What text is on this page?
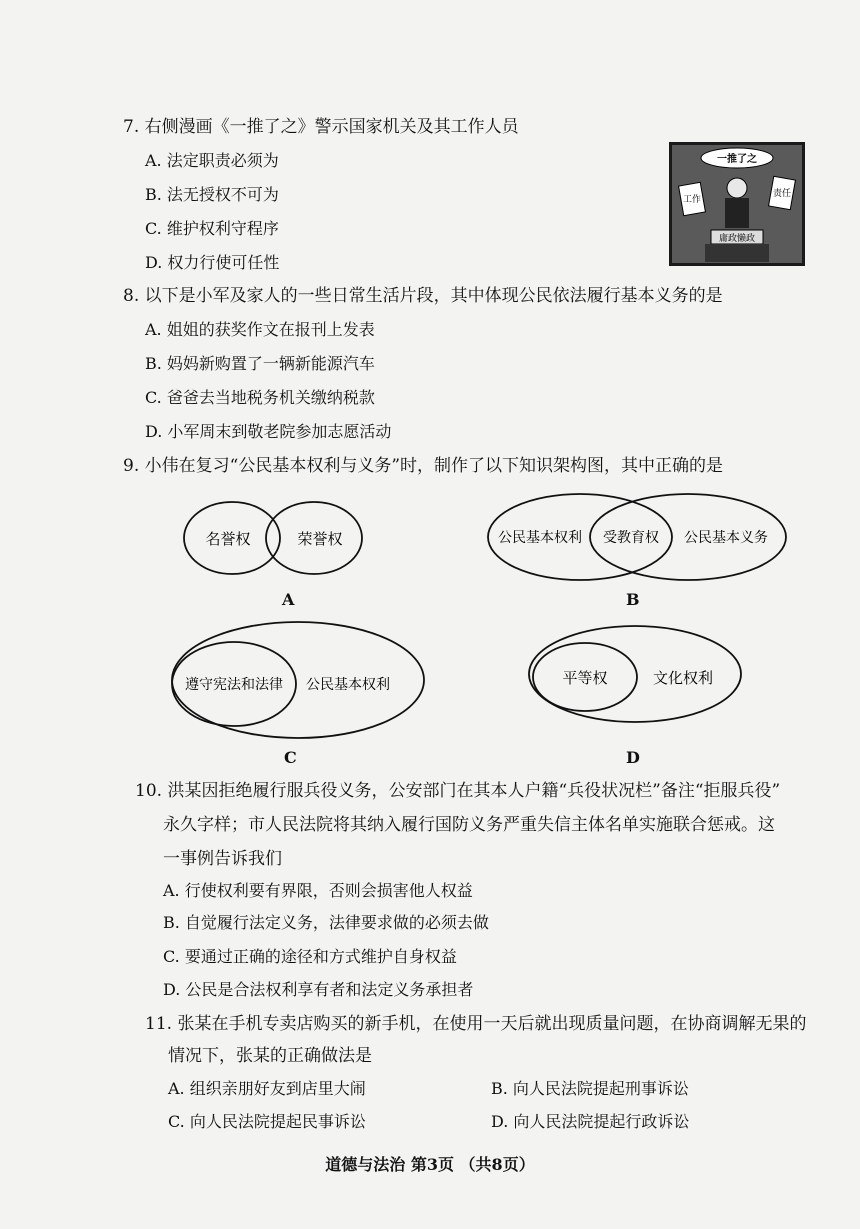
7. 右侧漫画《一推了之》警示国家机关及其工作人员
A. 法定职责必须为
B. 法无授权不可为
C. 维护权利守程序
D. 权力行使可任性
一推了之
工作
责任
庸政懒政
8. 以下是小军及家人的一些日常生活片段，其中体现公民依法履行基本义务的是
A. 姐姐的获奖作文在报刊上发表
B. 妈妈新购置了一辆新能源汽车
C. 爸爸去当地税务机关缴纳税款
D. 小军周末到敬老院参加志愿活动
9. 小伟在复习“公民基本权利与义务”时，制作了以下知识架构图，其中正确的是
名誉权	荣誉权
A
公民基本权利 受教育权 公民基本义务
B
遵守宪法和法律 公民基本权利
C
平等权	文化权利
D
10. 洪某因拒绝履行服兵役义务，公安部门在其本人户籍“兵役状况栏”备注“拒服兵役”
永久字样；市人民法院将其纳入履行国防义务严重失信主体名单实施联合惩戒。这
一事例告诉我们
A. 行使权利要有界限，否则会损害他人权益
B. 自觉履行法定义务，法律要求做的必须去做
C. 要通过正确的途径和方式维护自身权益
D. 公民是合法权利享有者和法定义务承担者
11. 张某在手机专卖店购买的新手机，在使用一天后就出现质量问题，在协商调解无果的
情况下，张某的正确做法是
A. 组织亲朋好友到店里大闹	B. 向人民法院提起刑事诉讼
C. 向人民法院提起民事诉讼	D. 向人民法院提起行政诉讼
道德与法治 第3页 （共8页）
